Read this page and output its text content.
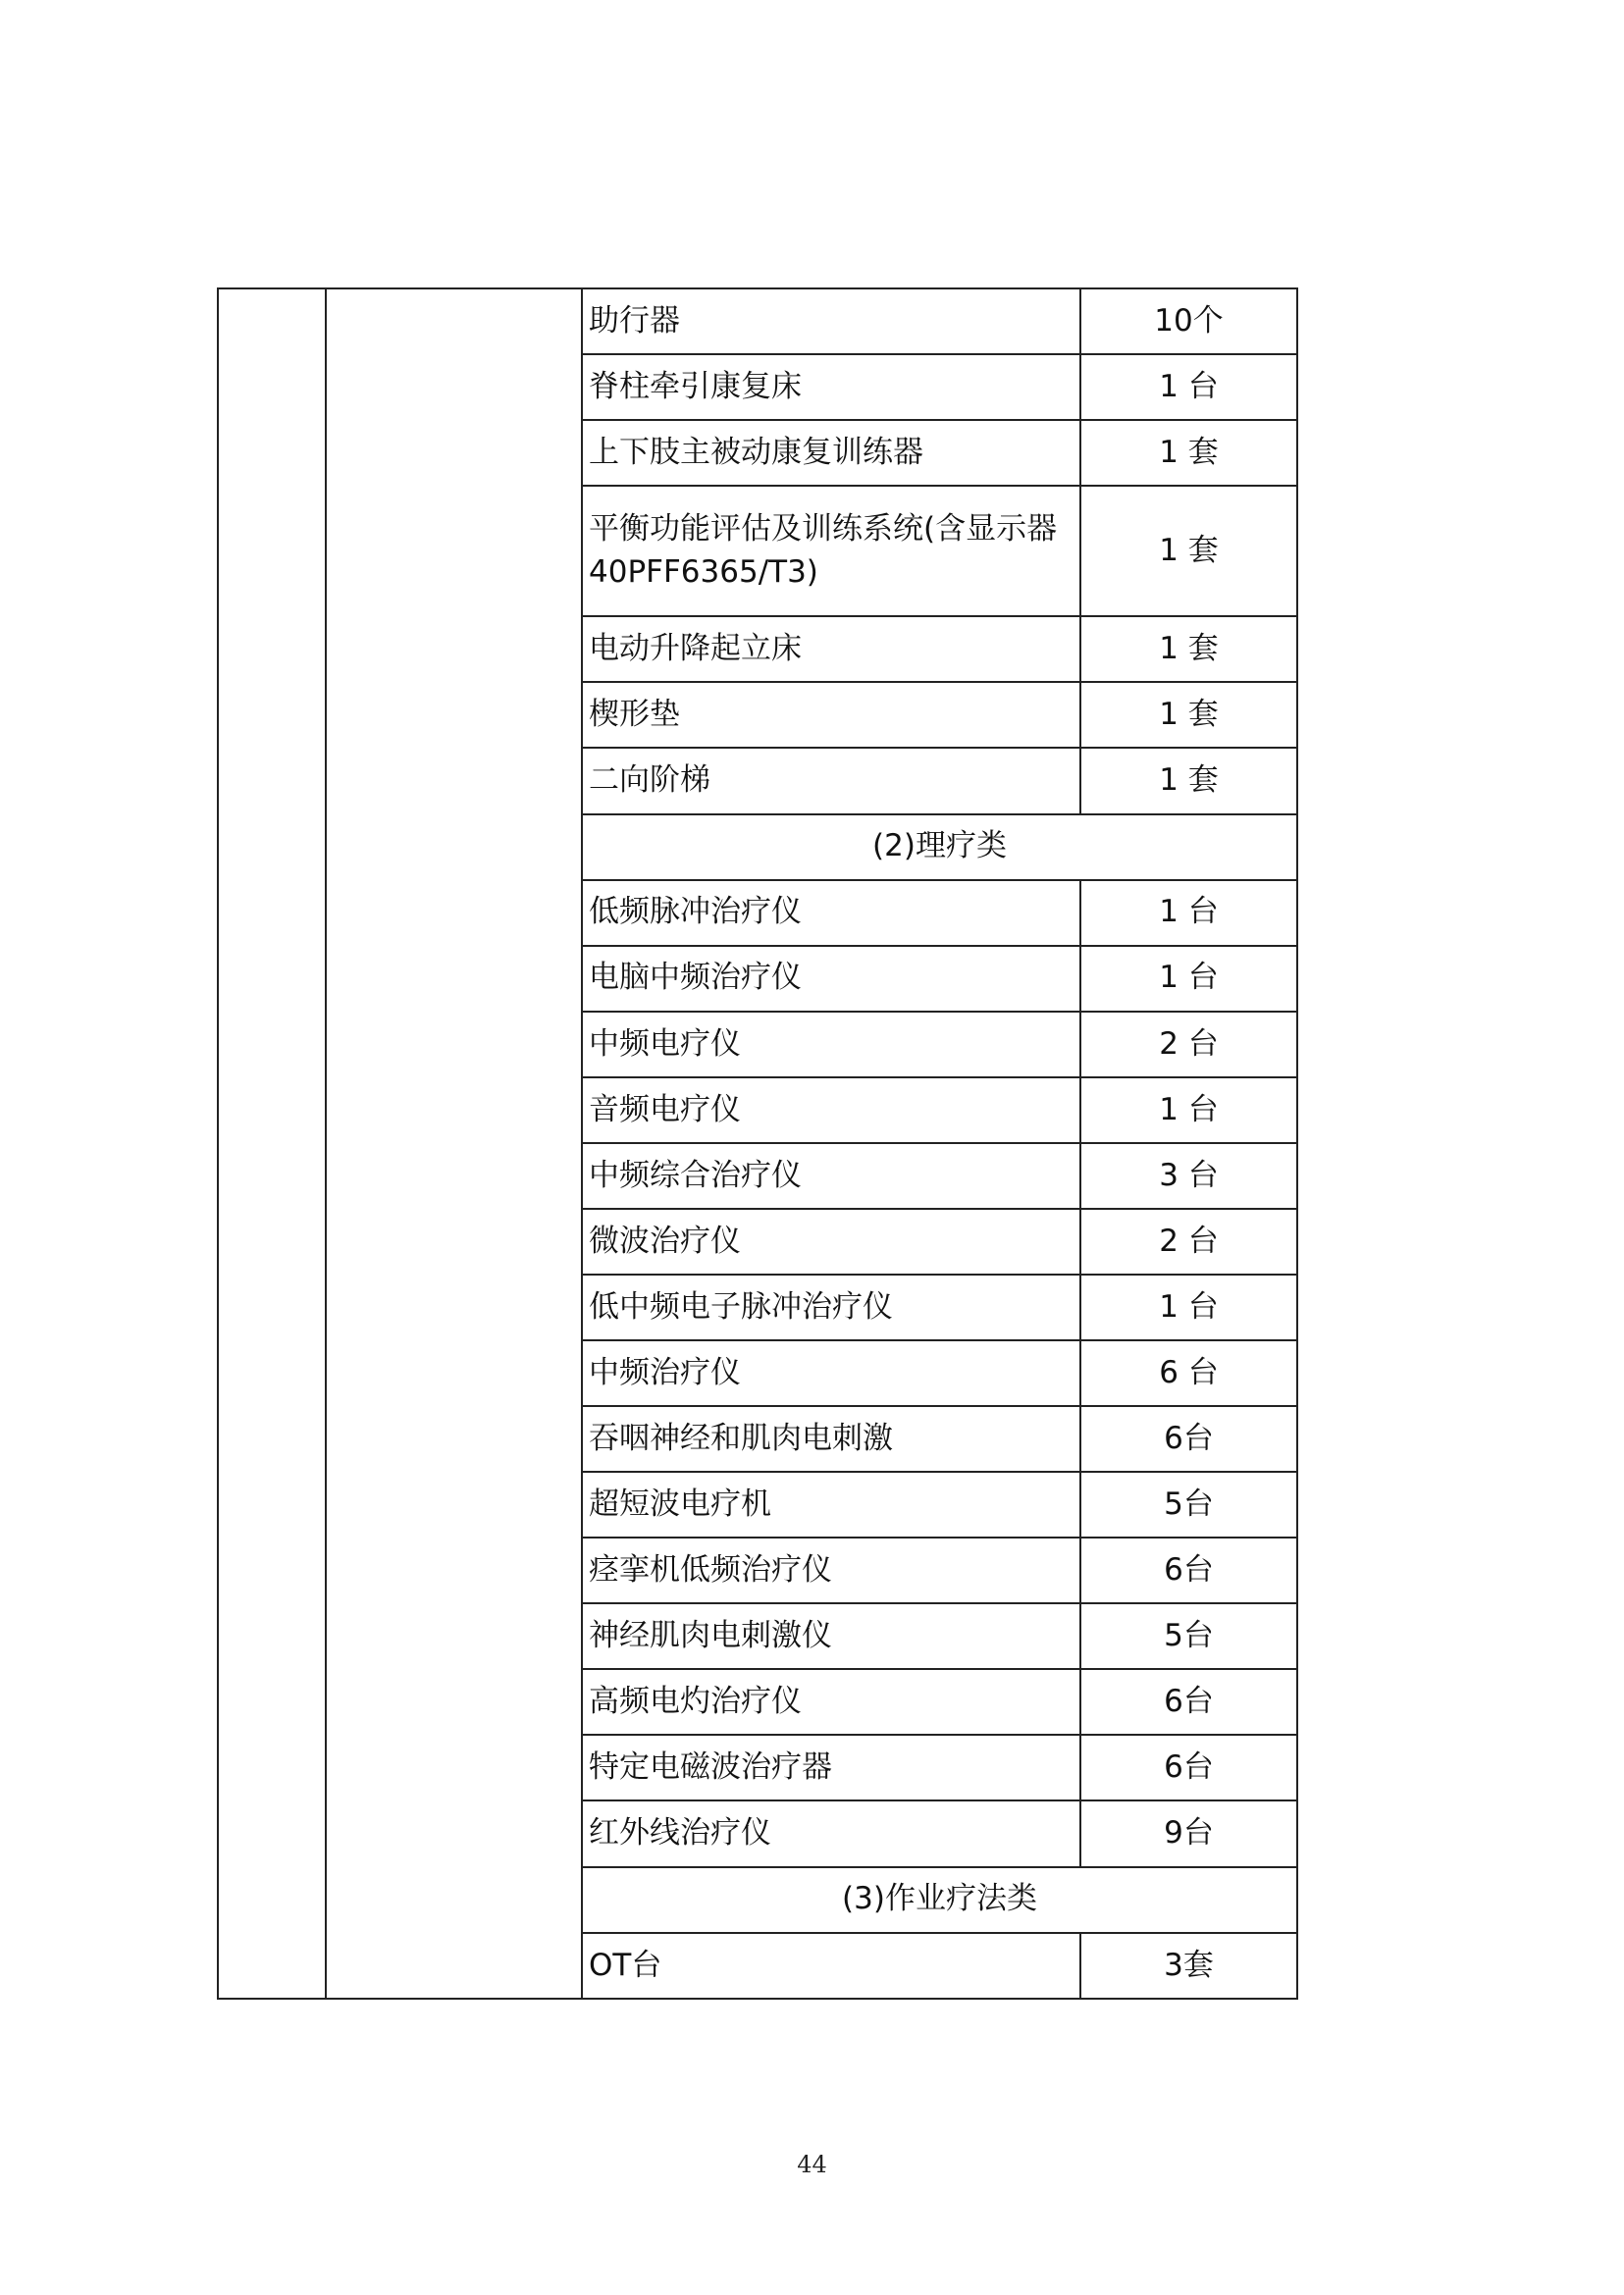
		助行器	10个
		脊柱牵引康复床	1 台
		上下肢主被动康复训练器	1 套
		平衡功能评估及训练系统(含显示器40PFF6365/T3)	1 套
		电动升降起立床	1 套
		楔形垫	1 套
		二向阶梯	1 套
		(2)理疗类	
		低频脉冲治疗仪	1 台
		电脑中频治疗仪	1 台
		中频电疗仪	2 台
		音频电疗仪	1 台
		中频综合治疗仪	3 台
		微波治疗仪	2 台
		低中频电子脉冲治疗仪	1 台
		中频治疗仪	6 台
		吞咽神经和肌肉电刺激	6台
		超短波电疗机	5台
		痉挛机低频治疗仪	6台
		神经肌肉电刺激仪	5台
		高频电灼治疗仪	6台
		特定电磁波治疗器	6台
		红外线治疗仪	9台
		(3)作业疗法类	
		OT台	3套
44
